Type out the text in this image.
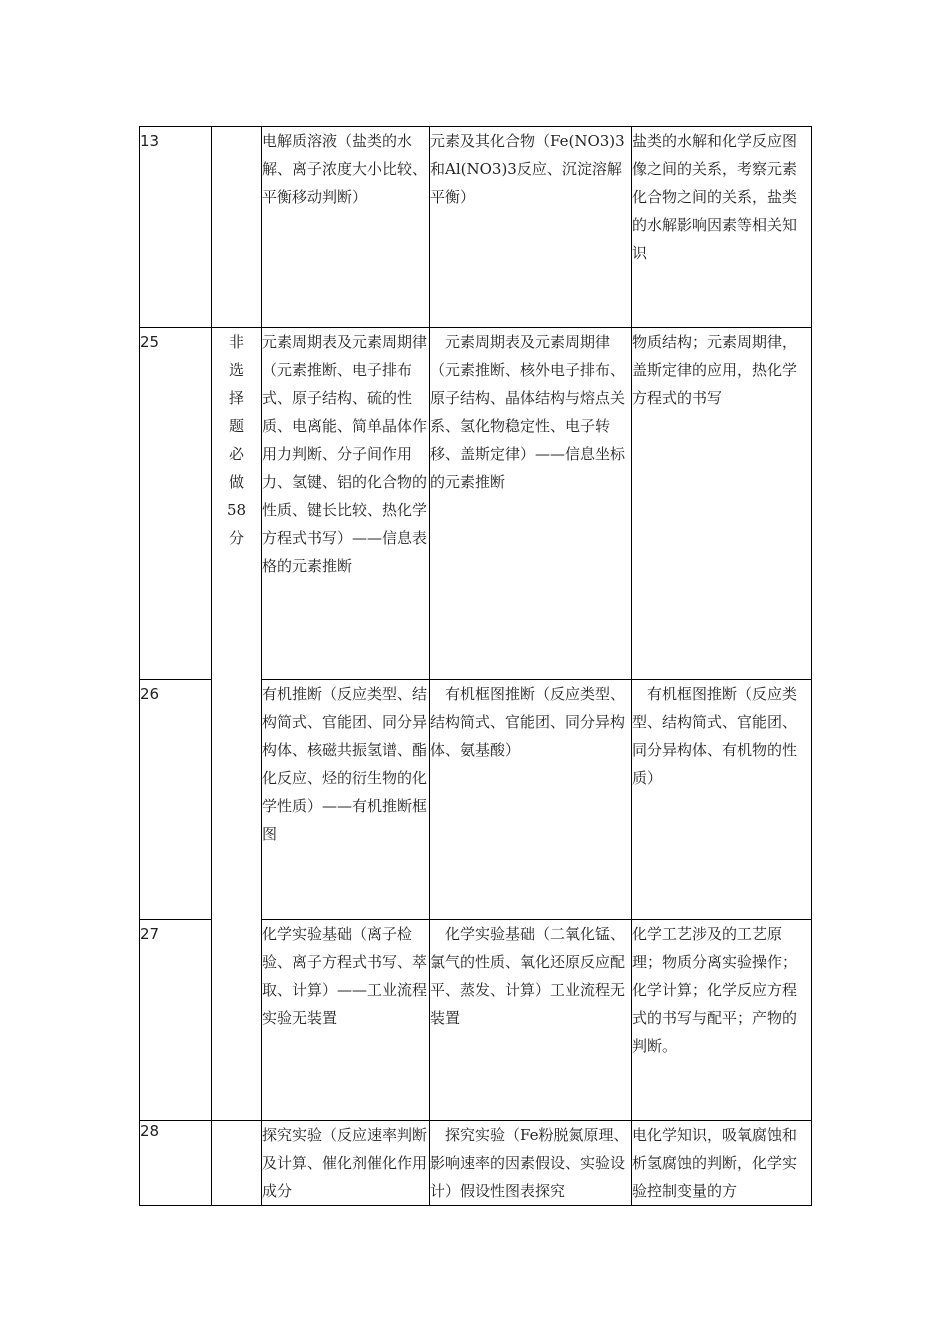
13		电解质溶液（盐类的水解、离子浓度大小比较、平衡移动判断）	元素及其化合物（Fe(NO3)3和Al(NO3)3反应、沉淀溶解平衡）	盐类的水解和化学反应图像之间的关系，考察元素化合物之间的关系，盐类的水解影响因素等相关知识
25	非选择题必做58分	元素周期表及元素周期律（元素推断、电子排布式、原子结构、硫的性质、电离能、简单晶体作用力判断、分子间作用力、氢键、铝的化合物的性质、键长比较、热化学方程式书写）——信息表格的元素推断	　元素周期表及元素周期律（元素推断、核外电子排布、原子结构、晶体结构与熔点关系、氢化物稳定性、电子转移、盖斯定律）——信息坐标的元素推断	物质结构；元素周期律，盖斯定律的应用，热化学方程式的书写
26		有机推断（反应类型、结构简式、官能团、同分异构体、核磁共振氢谱、酯化反应、烃的衍生物的化学性质）——有机推断框图	　有机框图推断（反应类型、结构简式、官能团、同分异构体、氨基酸）	　有机框图推断（反应类型、结构简式、官能团、同分异构体、有机物的性质）
27		化学实验基础（离子检验、离子方程式书写、萃取、计算）——工业流程实验无装置	　化学实验基础（二氧化锰、氯气的性质、氧化还原反应配平、蒸发、计算）工业流程无装置	化学工艺涉及的工艺原理；物质分离实验操作；化学计算；化学反应方程式的书写与配平；产物的判断。
28		探究实验（反应速率判断及计算、催化剂催化作用成分	　探究实验（Fe粉脱氮原理、影响速率的因素假设、实验设计）假设性图表探究	电化学知识，吸氧腐蚀和析氢腐蚀的判断，化学实验控制变量的方
